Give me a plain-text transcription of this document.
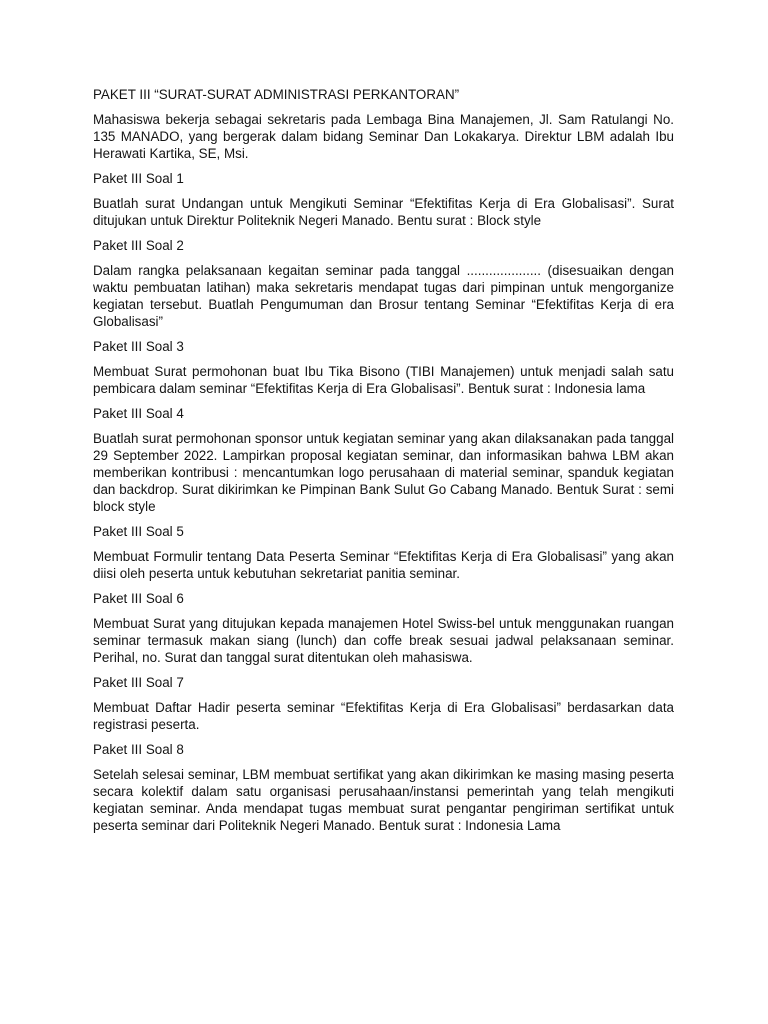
PAKET III “SURAT-SURAT ADMINISTRASI PERKANTORAN”

Mahasiswa bekerja sebagai sekretaris pada Lembaga Bina Manajemen, Jl. Sam Ratulangi No. 135 MANADO, yang bergerak dalam bidang Seminar Dan Lokakarya. Direktur LBM adalah Ibu Herawati Kartika, SE, Msi.

Paket III Soal 1

Buatlah surat Undangan untuk Mengikuti Seminar “Efektifitas Kerja di Era Globalisasi”. Surat ditujukan untuk Direktur Politeknik Negeri Manado. Bentu surat : Block style

Paket III Soal 2

Dalam rangka pelaksanaan kegaitan seminar pada tanggal .................... (disesuaikan dengan waktu pembuatan latihan) maka sekretaris mendapat tugas dari pimpinan untuk mengorganize kegiatan tersebut. Buatlah Pengumuman dan Brosur tentang Seminar “Efektifitas Kerja di era Globalisasi”

Paket III Soal 3

Membuat Surat permohonan buat Ibu Tika Bisono (TIBI Manajemen) untuk menjadi salah satu pembicara dalam seminar “Efektifitas Kerja di Era Globalisasi”. Bentuk surat : Indonesia lama

Paket III Soal 4

Buatlah surat permohonan sponsor untuk kegiatan seminar yang akan dilaksanakan pada tanggal 29 September 2022. Lampirkan proposal kegiatan seminar, dan informasikan bahwa LBM akan memberikan kontribusi : mencantumkan logo perusahaan di material seminar, spanduk kegiatan dan backdrop. Surat dikirimkan ke Pimpinan Bank Sulut Go Cabang Manado. Bentuk Surat : semi block style

Paket III Soal 5

Membuat Formulir tentang Data Peserta Seminar “Efektifitas Kerja di Era Globalisasi” yang akan diisi oleh peserta untuk kebutuhan sekretariat panitia seminar.

Paket III Soal 6

Membuat Surat yang ditujukan kepada manajemen Hotel Swiss-bel untuk menggunakan ruangan seminar termasuk makan siang (lunch) dan coffe break sesuai jadwal pelaksanaan seminar. Perihal, no. Surat dan tanggal surat ditentukan oleh mahasiswa.

Paket III Soal 7

Membuat Daftar Hadir peserta seminar “Efektifitas Kerja di Era Globalisasi” berdasarkan data registrasi peserta.

Paket III Soal 8

Setelah selesai seminar, LBM membuat sertifikat yang akan dikirimkan ke masing masing peserta secara kolektif dalam satu organisasi perusahaan/instansi pemerintah yang telah mengikuti kegiatan seminar. Anda mendapat tugas membuat surat pengantar pengiriman sertifikat untuk peserta seminar dari Politeknik Negeri Manado. Bentuk surat : Indonesia Lama
